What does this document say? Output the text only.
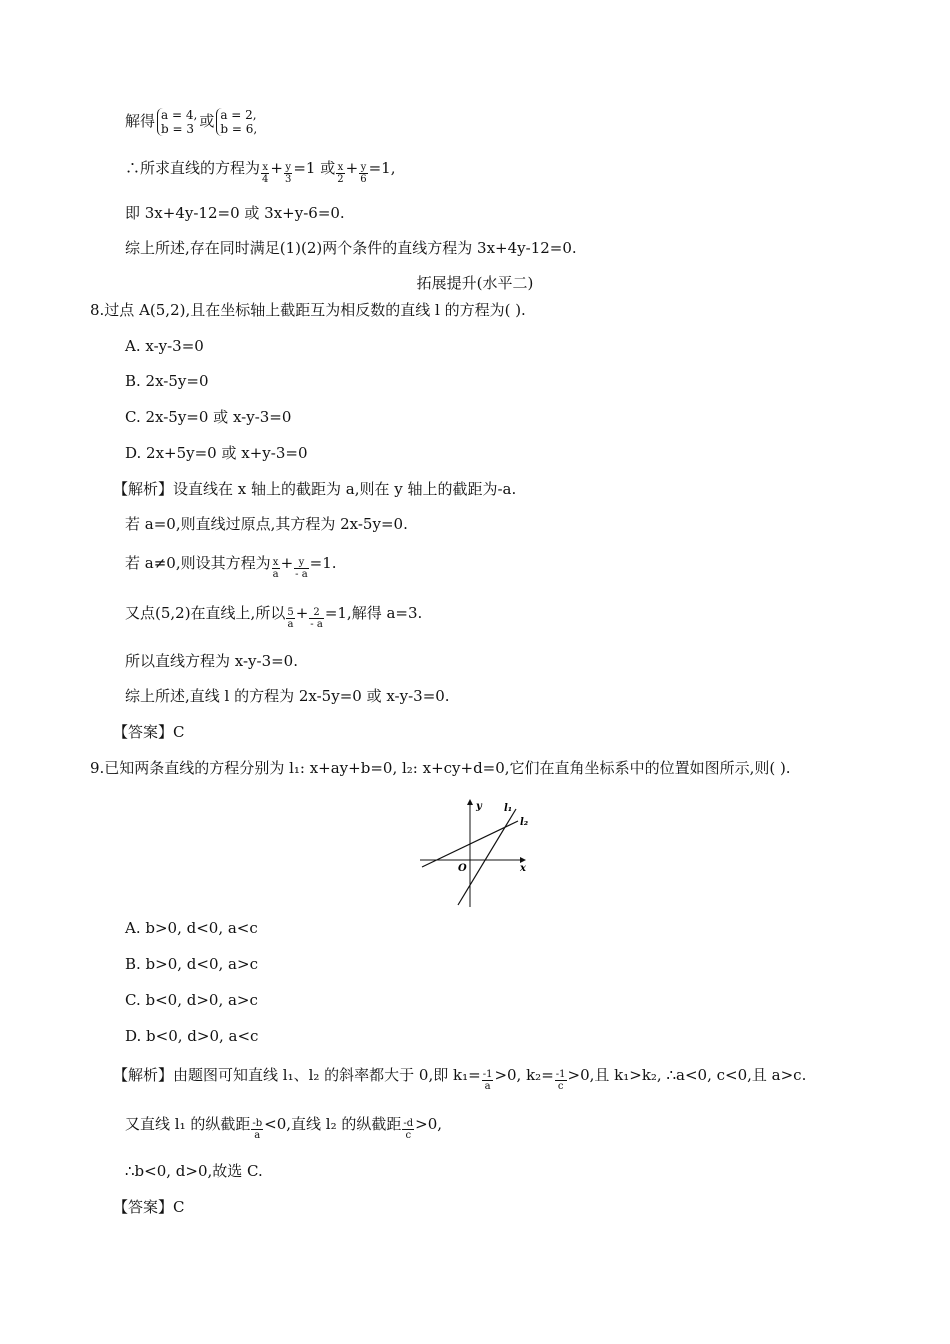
解得 a = 4,
b = 3 或 a = 2,
b = 6,
∴所求直线的方程为 $\frac{x}{4} + \frac{y}{3} =1$ 或 $\frac{x}{2} + \frac{y}{6} =1$,
即 3x+4y-12=0 或 3x+y-6=0.
综上所述,存在同时满足(1)(2)两个条件的直线方程为 3x+4y-12=0.
拓展提升(水平二)
8.过点 A(5,2),且在坐标轴上截距互为相反数的直线 l 的方程为( ).
A. x-y-3=0
B. 2x-5y=0
C. 2x-5y=0 或 x-y-3=0
D. 2x+5y=0 或 x+y-3=0
【解析】设直线在 x 轴上的截距为 a,则在 y 轴上的截距为-a.
若 a=0,则直线过原点,其方程为 2x-5y=0.
若 a≠0,则设其方程为 $\frac{x}{a} + \frac{y}{- a} =1$.
又点(5,2)在直线上,所以 $\frac{5}{a} + \frac{2}{- a} =1$,解得 a=3.
所以直线方程为 x-y-3=0.
综上所述,直线 l 的方程为 2x-5y=0 或 x-y-3=0.
【答案】C
9.已知两条直线的方程分别为 l₁: x+ay+b=0, l₂: x+cy+d=0,它们在直角坐标系中的位置如图所示,则( ).
y
x
O
l₁
l₂
A. b>0, d<0, a<c
B. b>0, d<0, a>c
C. b<0, d>0, a>c
D. b<0, d>0, a<c
【解析】由题图可知直线 l₁、l₂ 的斜率都大于 0,即 $k_1= \frac{-1}{a} >0$, $k_2= \frac{-1}{c} >0$,且 k₁>k₂, ∴a<0, c<0,且 a>c.
又直线 l₁ 的纵截距 $\frac{-b}{a} <0$,直线 l₂ 的纵截距 $\frac{-d}{c} >0$,
∴b<0, d>0,故选 C.
【答案】C
